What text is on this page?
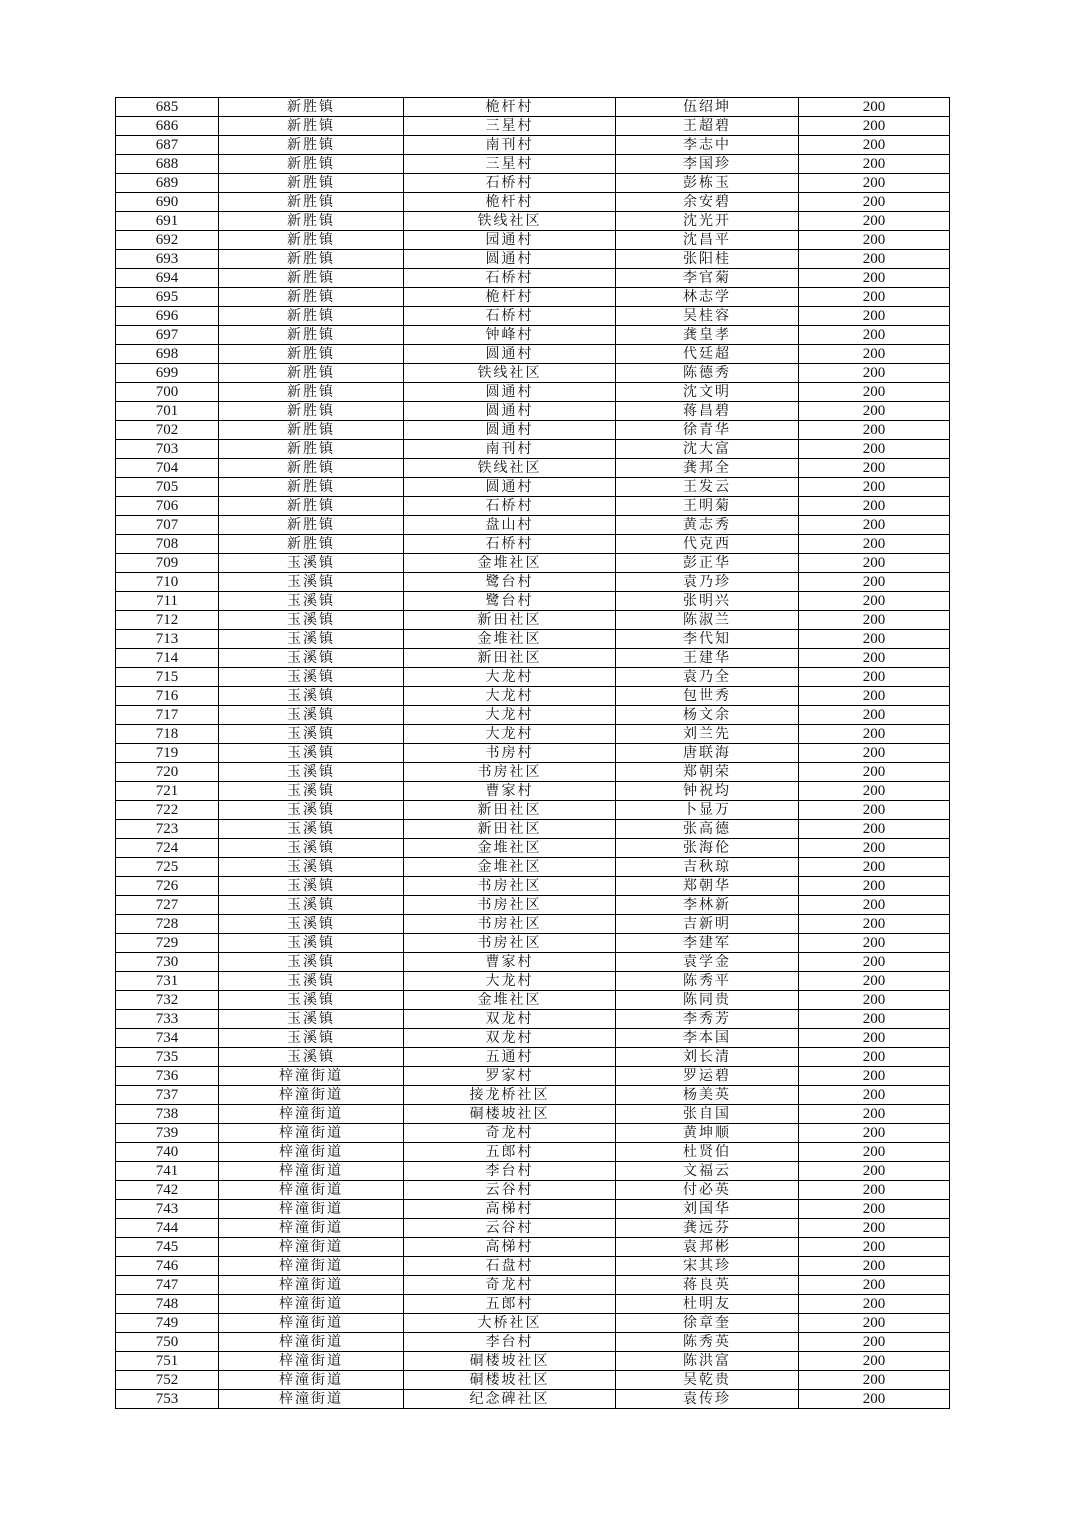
685	新胜镇	桅杆村	伍绍坤	200
686	新胜镇	三星村	王超碧	200
687	新胜镇	南刊村	李志中	200
688	新胜镇	三星村	李国珍	200
689	新胜镇	石桥村	彭栋玉	200
690	新胜镇	桅杆村	余安碧	200
691	新胜镇	铁线社区	沈光开	200
692	新胜镇	园通村	沈昌平	200
693	新胜镇	圆通村	张阳桂	200
694	新胜镇	石桥村	李官菊	200
695	新胜镇	桅杆村	林志学	200
696	新胜镇	石桥村	吴桂容	200
697	新胜镇	钟峰村	龚皇孝	200
698	新胜镇	圆通村	代廷超	200
699	新胜镇	铁线社区	陈德秀	200
700	新胜镇	圆通村	沈文明	200
701	新胜镇	圆通村	蒋昌碧	200
702	新胜镇	圆通村	徐青华	200
703	新胜镇	南刊村	沈大富	200
704	新胜镇	铁线社区	龚邦全	200
705	新胜镇	圆通村	王发云	200
706	新胜镇	石桥村	王明菊	200
707	新胜镇	盘山村	黄志秀	200
708	新胜镇	石桥村	代克西	200
709	玉溪镇	金堆社区	彭正华	200
710	玉溪镇	鹭台村	袁乃珍	200
711	玉溪镇	鹭台村	张明兴	200
712	玉溪镇	新田社区	陈淑兰	200
713	玉溪镇	金堆社区	李代知	200
714	玉溪镇	新田社区	王建华	200
715	玉溪镇	大龙村	袁乃全	200
716	玉溪镇	大龙村	包世秀	200
717	玉溪镇	大龙村	杨文余	200
718	玉溪镇	大龙村	刘兰先	200
719	玉溪镇	书房村	唐联海	200
720	玉溪镇	书房社区	郑朝荣	200
721	玉溪镇	曹家村	钟祝均	200
722	玉溪镇	新田社区	卜显万	200
723	玉溪镇	新田社区	张高德	200
724	玉溪镇	金堆社区	张海伦	200
725	玉溪镇	金堆社区	吉秋琼	200
726	玉溪镇	书房社区	郑朝华	200
727	玉溪镇	书房社区	李林新	200
728	玉溪镇	书房社区	吉新明	200
729	玉溪镇	书房社区	李建军	200
730	玉溪镇	曹家村	袁学金	200
731	玉溪镇	大龙村	陈秀平	200
732	玉溪镇	金堆社区	陈同贵	200
733	玉溪镇	双龙村	李秀芳	200
734	玉溪镇	双龙村	李本国	200
735	玉溪镇	五通村	刘长清	200
736	梓潼街道	罗家村	罗运碧	200
737	梓潼街道	接龙桥社区	杨美英	200
738	梓潼街道	硐楼坡社区	张自国	200
739	梓潼街道	奇龙村	黄坤顺	200
740	梓潼街道	五郎村	杜贤伯	200
741	梓潼街道	李台村	文福云	200
742	梓潼街道	云谷村	付必英	200
743	梓潼街道	高梯村	刘国华	200
744	梓潼街道	云谷村	龚远芬	200
745	梓潼街道	高梯村	袁邦彬	200
746	梓潼街道	石盘村	宋其珍	200
747	梓潼街道	奇龙村	蒋良英	200
748	梓潼街道	五郎村	杜明友	200
749	梓潼街道	大桥社区	徐章奎	200
750	梓潼街道	李台村	陈秀英	200
751	梓潼街道	硐楼坡社区	陈洪富	200
752	梓潼街道	硐楼坡社区	吴乾贵	200
753	梓潼街道	纪念碑社区	袁传珍	200
